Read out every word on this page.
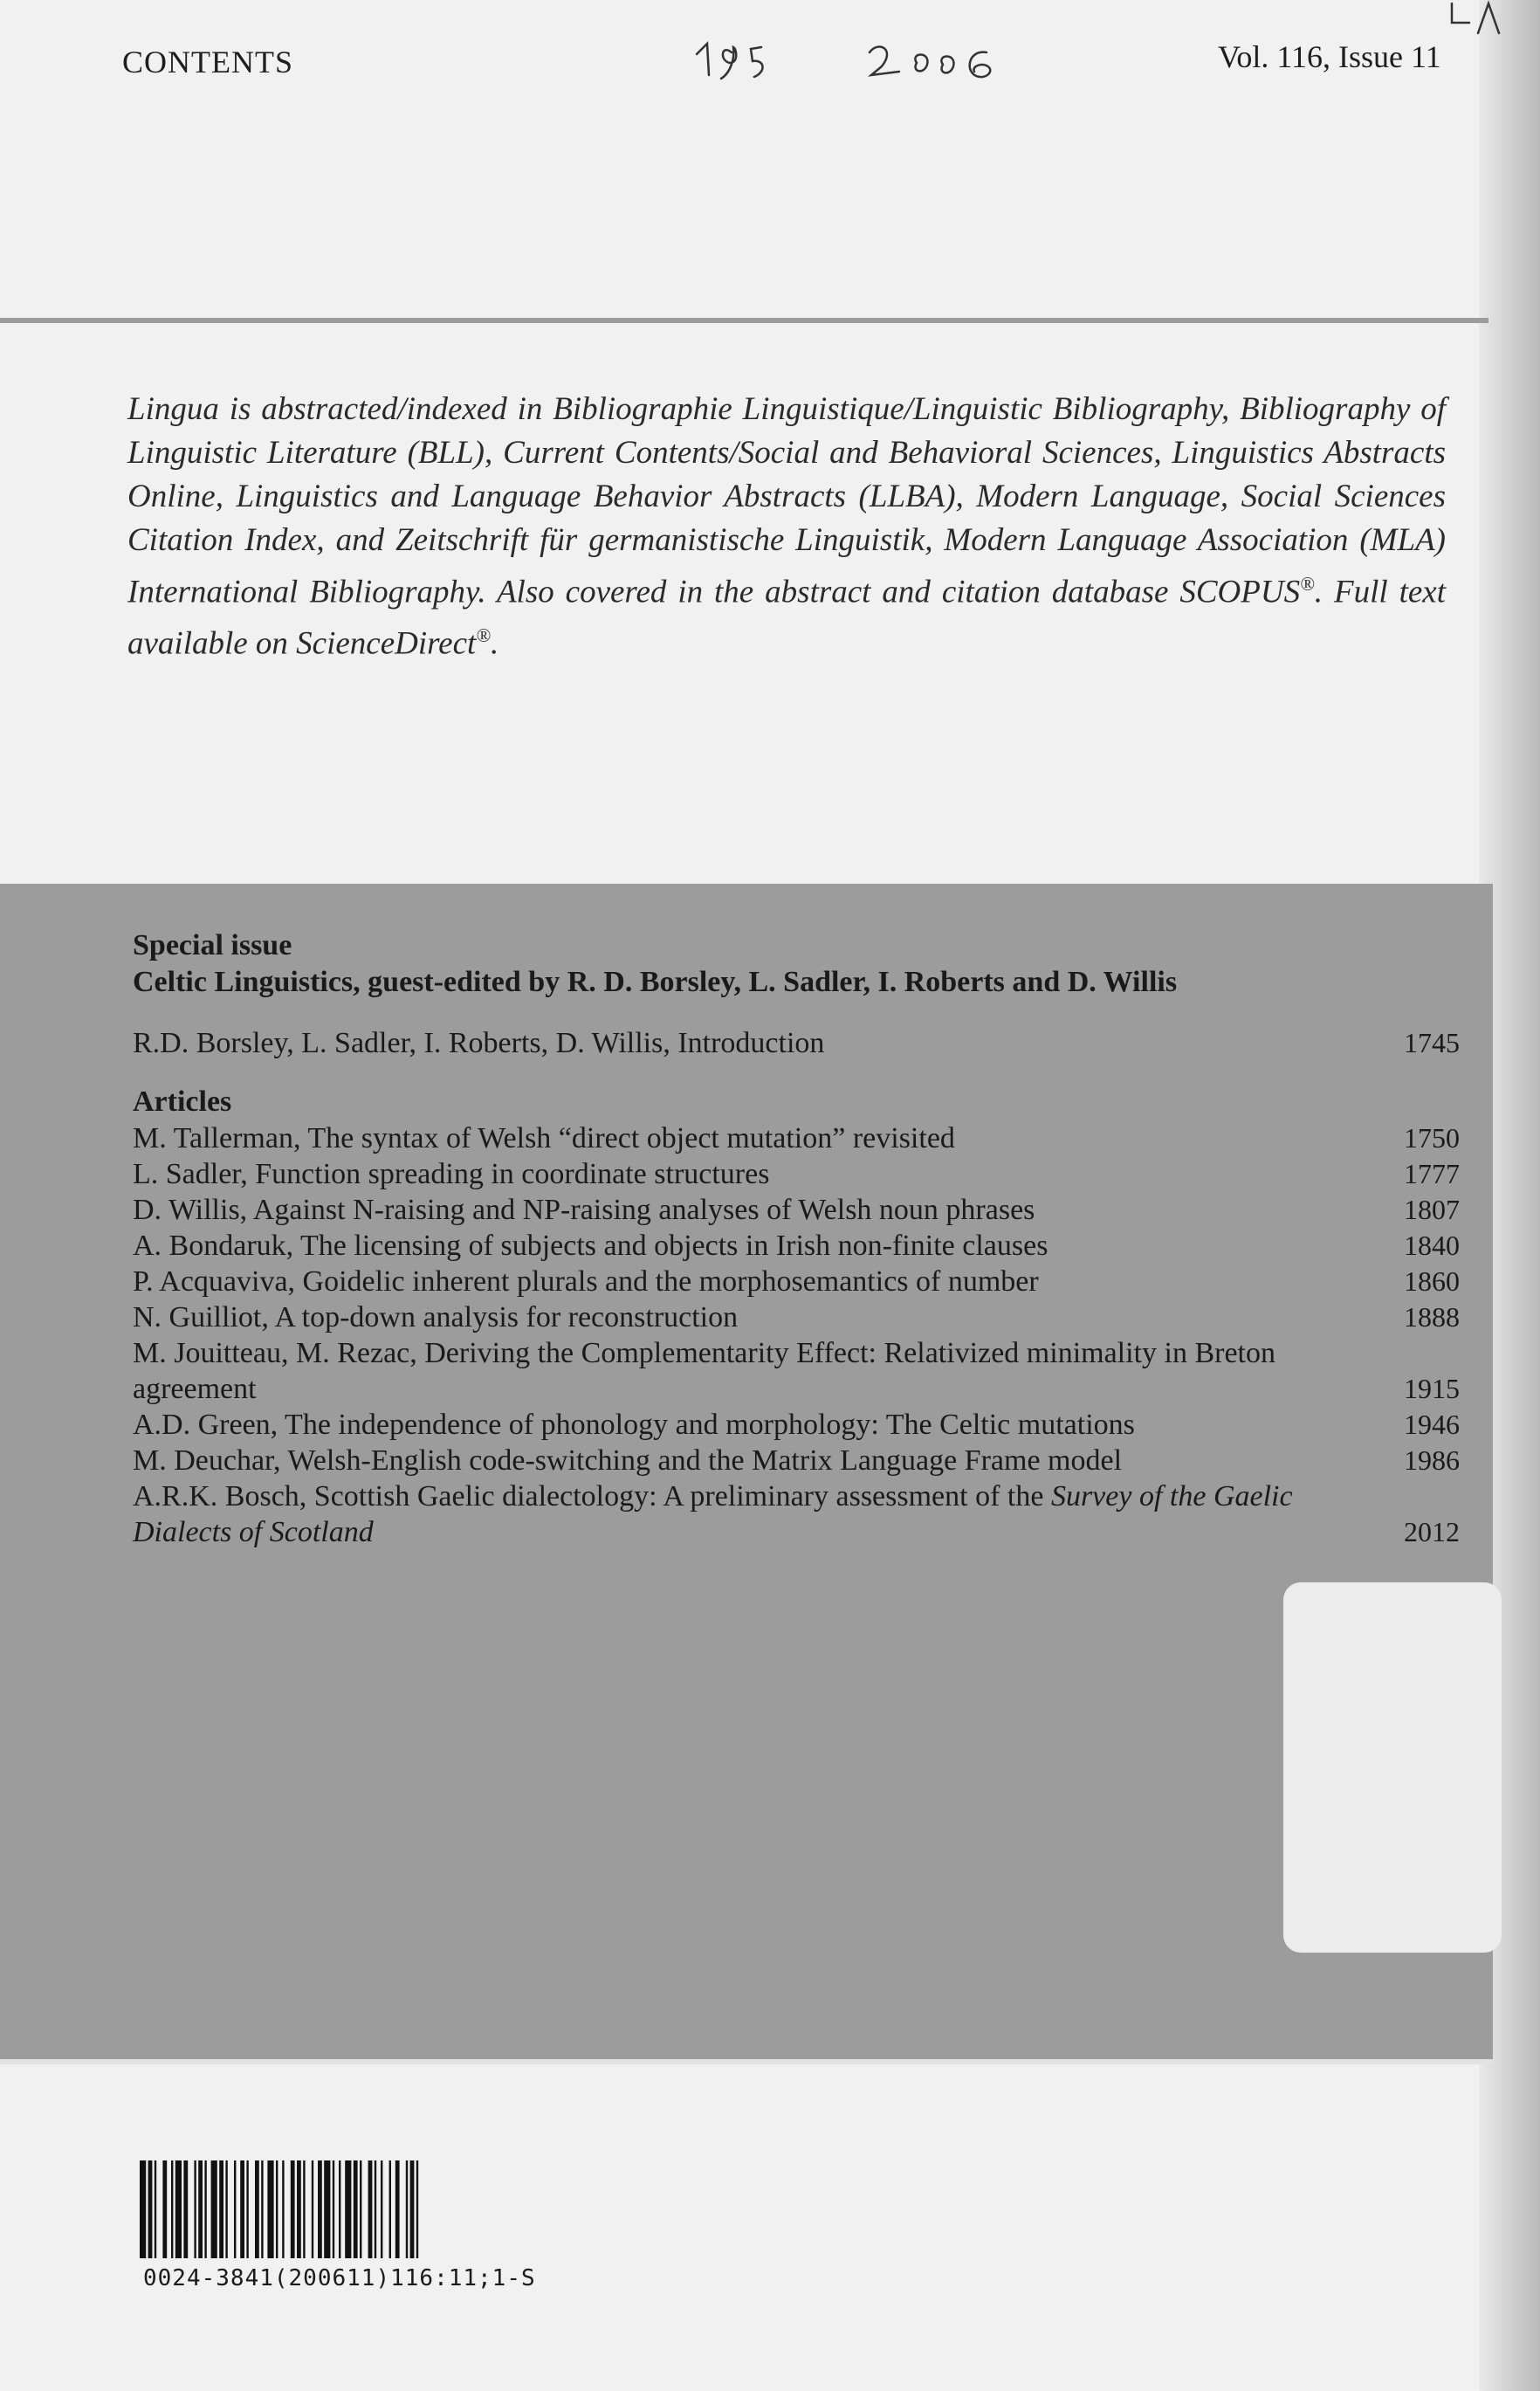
CONTENTS	Vol. 116, Issue 11
Lingua is abstracted/indexed in Bibliographie Linguistique/Linguistic Bibliography, Bibliography of Linguistic Literature (BLL), Current Contents/Social and Behavioral Sciences, Linguistics Abstracts Online, Linguistics and Language Behavior Abstracts (LLBA), Modern Language, Social Sciences Citation Index, and Zeitschrift für germanistische Linguistik, Modern Language Association (MLA) International Bibliography. Also covered in the abstract and citation database SCOPUS®. Full text available on ScienceDirect®.
Special issue
Celtic Linguistics, guest-edited by R. D. Borsley, L. Sadler, I. Roberts and D. Willis
R.D. Borsley, L. Sadler, I. Roberts, D. Willis, Introduction	1745
Articles
M. Tallerman, The syntax of Welsh “direct object mutation” revisited	1750
L. Sadler, Function spreading in coordinate structures	1777
D. Willis, Against N-raising and NP-raising analyses of Welsh noun phrases	1807
A. Bondaruk, The licensing of subjects and objects in Irish non-finite clauses	1840
P. Acquaviva, Goidelic inherent plurals and the morphosemantics of number	1860
N. Guilliot, A top-down analysis for reconstruction	1888
M. Jouitteau, M. Rezac, Deriving the Complementarity Effect: Relativized minimality in Breton agreement	1915
A.D. Green, The independence of phonology and morphology: The Celtic mutations	1946
M. Deuchar, Welsh-English code-switching and the Matrix Language Frame model	1986
A.R.K. Bosch, Scottish Gaelic dialectology: A preliminary assessment of the Survey of the Gaelic Dialects of Scotland	2012
0024-3841(200611)116:11;1-S
